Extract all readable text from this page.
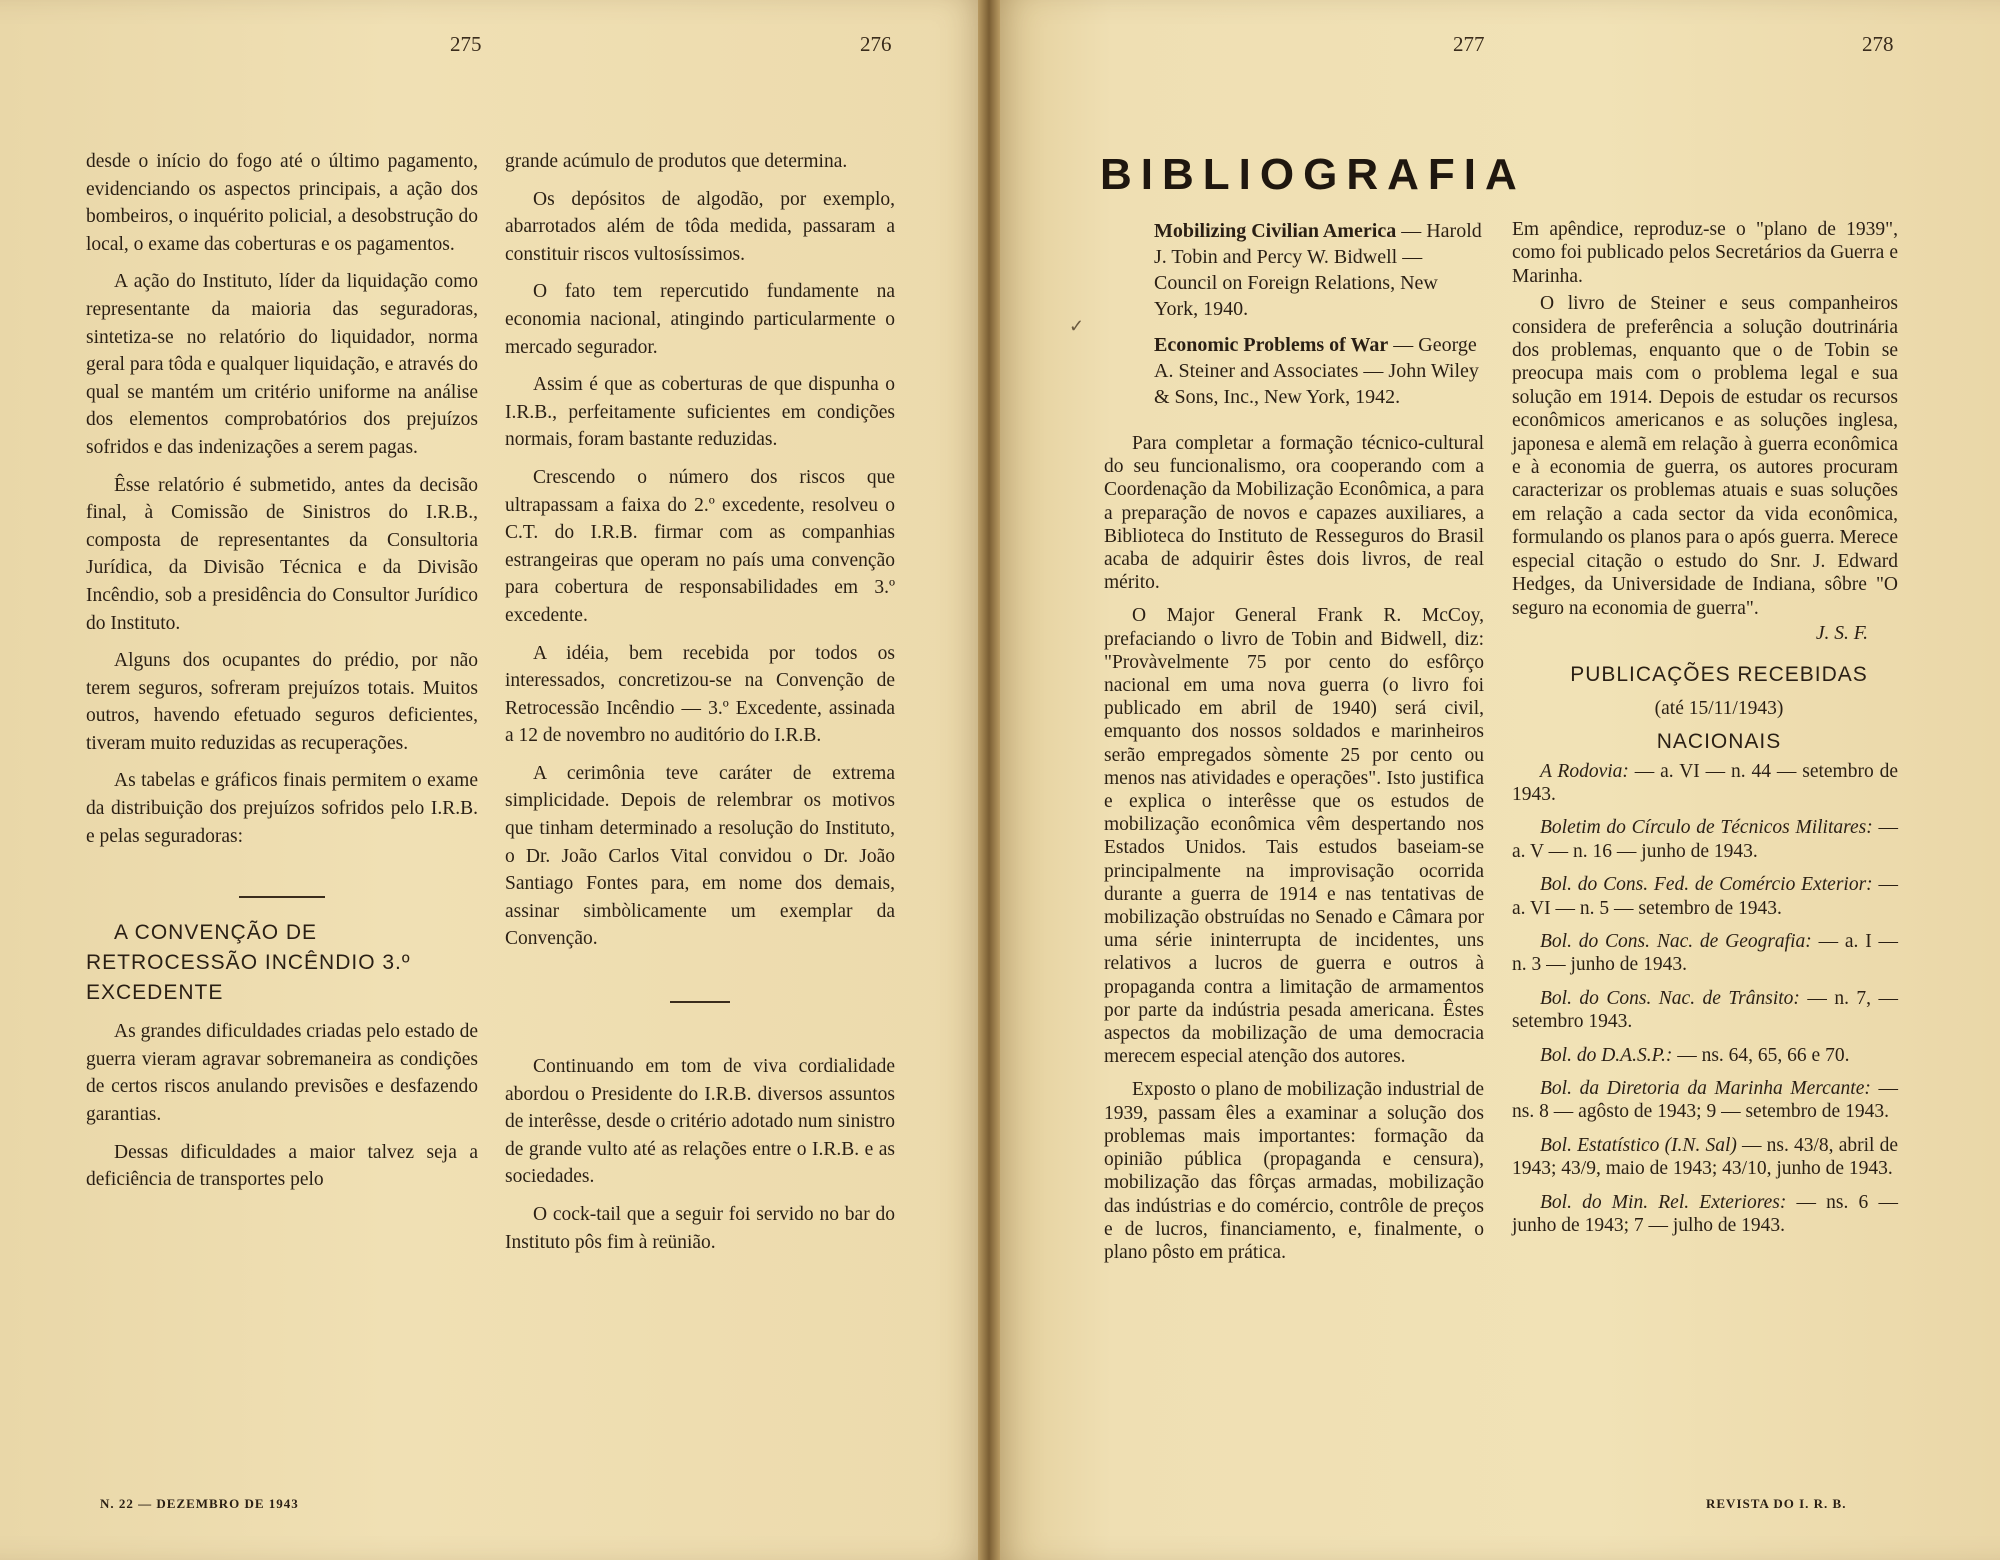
275	276	277	278

desde o início do fogo até o último pagamento, evidenciando os aspectos principais, a ação dos bombeiros, o inquérito policial, a desobstrução do local, o exame das coberturas e os pagamentos.

A ação do Instituto, líder da liquidação como representante da maioria das seguradoras, sintetiza-se no relatório do liquidador, norma geral para tôda e qualquer liquidação, e através do qual se mantém um critério uniforme na análise dos elementos comprobatórios dos prejuízos sofridos e das indenizações a serem pagas.

Êsse relatório é submetido, antes da decisão final, à Comissão de Sinistros do I.R.B., composta de representantes da Consultoria Jurídica, da Divisão Técnica e da Divisão Incêndio, sob a presidência do Consultor Jurídico do Instituto.

Alguns dos ocupantes do prédio, por não terem seguros, sofreram prejuízos totais. Muitos outros, havendo efetuado seguros deficientes, tiveram muito reduzidas as recuperações.

As tabelas e gráficos finais permitem o exame da distribuição dos prejuízos sofridos pelo I.R.B. e pelas seguradoras:

A CONVENÇÃO DE RETROCESSÃO INCÊNDIO 3.º EXCEDENTE

As grandes dificuldades criadas pelo estado de guerra vieram agravar sobremaneira as condições de certos riscos anulando previsões e desfazendo garantias.

Dessas dificuldades a maior talvez seja a deficiência de transportes pelo

grande acúmulo de produtos que determina.

Os depósitos de algodão, por exemplo, abarrotados além de tôda medida, passaram a constituir riscos vultosíssimos.

O fato tem repercutido fundamente na economia nacional, atingindo particularmente o mercado segurador.

Assim é que as coberturas de que dispunha o I.R.B., perfeitamente suficientes em condições normais, foram bastante reduzidas.

Crescendo o número dos riscos que ultrapassam a faixa do 2.º excedente, resolveu o C.T. do I.R.B. firmar com as companhias estrangeiras que operam no país uma convenção para cobertura de responsabilidades em 3.º excedente.

A idéia, bem recebida por todos os interessados, concretizou-se na Convenção de Retrocessão Incêndio — 3.º Excedente, assinada a 12 de novembro no auditório do I.R.B.

A cerimônia teve caráter de extrema simplicidade. Depois de relembrar os motivos que tinham determinado a resolução do Instituto, o Dr. João Carlos Vital convidou o Dr. João Santiago Fontes para, em nome dos demais, assinar simbòlicamente um exemplar da Convenção.

Continuando em tom de viva cordialidade abordou o Presidente do I.R.B. diversos assuntos de interêsse, desde o critério adotado num sinistro de grande vulto até as relações entre o I.R.B. e as sociedades.

O cock-tail que a seguir foi servido no bar do Instituto pôs fim à reünião.

BIBLIOGRAFIA
✓

Mobilizing Civilian America — Harold J. Tobin and Percy W. Bidwell — Council on Foreign Relations, New York, 1940.

Economic Problems of War — George A. Steiner and Associates — John Wiley & Sons, Inc., New York, 1942.

Para completar a formação técnico-cultural do seu funcionalismo, ora cooperando com a Coordenação da Mobilização Econômica, a para a preparação de novos e capazes auxiliares, a Biblioteca do Instituto de Resseguros do Brasil acaba de adquirir êstes dois livros, de real mérito.

O Major General Frank R. McCoy, prefaciando o livro de Tobin and Bidwell, diz: "Provàvelmente 75 por cento do esfôrço nacional em uma nova guerra (o livro foi publicado em abril de 1940) será civil, emquanto dos nossos soldados e marinheiros serão empregados sòmente 25 por cento ou menos nas atividades e operações". Isto justifica e explica o interêsse que os estudos de mobilização econômica vêm despertando nos Estados Unidos. Tais estudos baseiam-se principalmente na improvisação ocorrida durante a guerra de 1914 e nas tentativas de mobilização obstruídas no Senado e Câmara por uma série ininterrupta de incidentes, uns relativos a lucros de guerra e outros à propaganda contra a limitação de armamentos por parte da indústria pesada americana. Êstes aspectos da mobilização de uma democracia merecem especial atenção dos autores.

Exposto o plano de mobilização industrial de 1939, passam êles a examinar a solução dos problemas mais importantes: formação da opinião pública (propaganda e censura), mobilização das fôrças armadas, mobilização das indústrias e do comércio, contrôle de preços e de lucros, financiamento, e, finalmente, o plano pôsto em prática.

Em apêndice, reproduz-se o "plano de 1939", como foi publicado pelos Secretários da Guerra e Marinha.

O livro de Steiner e seus companheiros considera de preferência a solução doutrinária dos problemas, enquanto que o de Tobin se preocupa mais com o problema legal e sua solução em 1914. Depois de estudar os recursos econômicos americanos e as soluções inglesa, japonesa e alemã em relação à guerra econômica e à economia de guerra, os autores procuram caracterizar os problemas atuais e suas soluções em relação a cada sector da vida econômica, formulando os planos para o após guerra. Merece especial citação o estudo do Snr. J. Edward Hedges, da Universidade de Indiana, sôbre "O seguro na economia de guerra".

J. S. F.

PUBLICAÇÕES RECEBIDAS

(até 15/11/1943)

NACIONAIS

A Rodovia: — a. VI — n. 44 — setembro de 1943.

Boletim do Círculo de Técnicos Militares: — a. V — n. 16 — junho de 1943.

Bol. do Cons. Fed. de Comércio Exterior: — a. VI — n. 5 — setembro de 1943.

Bol. do Cons. Nac. de Geografia: — a. I — n. 3 — junho de 1943.

Bol. do Cons. Nac. de Trânsito: — n. 7, — setembro 1943.

Bol. do D.A.S.P.: — ns. 64, 65, 66 e 70.

Bol. da Diretoria da Marinha Mercante: — ns. 8 — agôsto de 1943; 9 — setembro de 1943.

Bol. Estatístico (I.N. Sal) — ns. 43/8, abril de 1943; 43/9, maio de 1943; 43/10, junho de 1943.

Bol. do Min. Rel. Exteriores: — ns. 6 — junho de 1943; 7 — julho de 1943.

N. 22 — DEZEMBRO DE 1943	REVISTA DO I. R. B.
